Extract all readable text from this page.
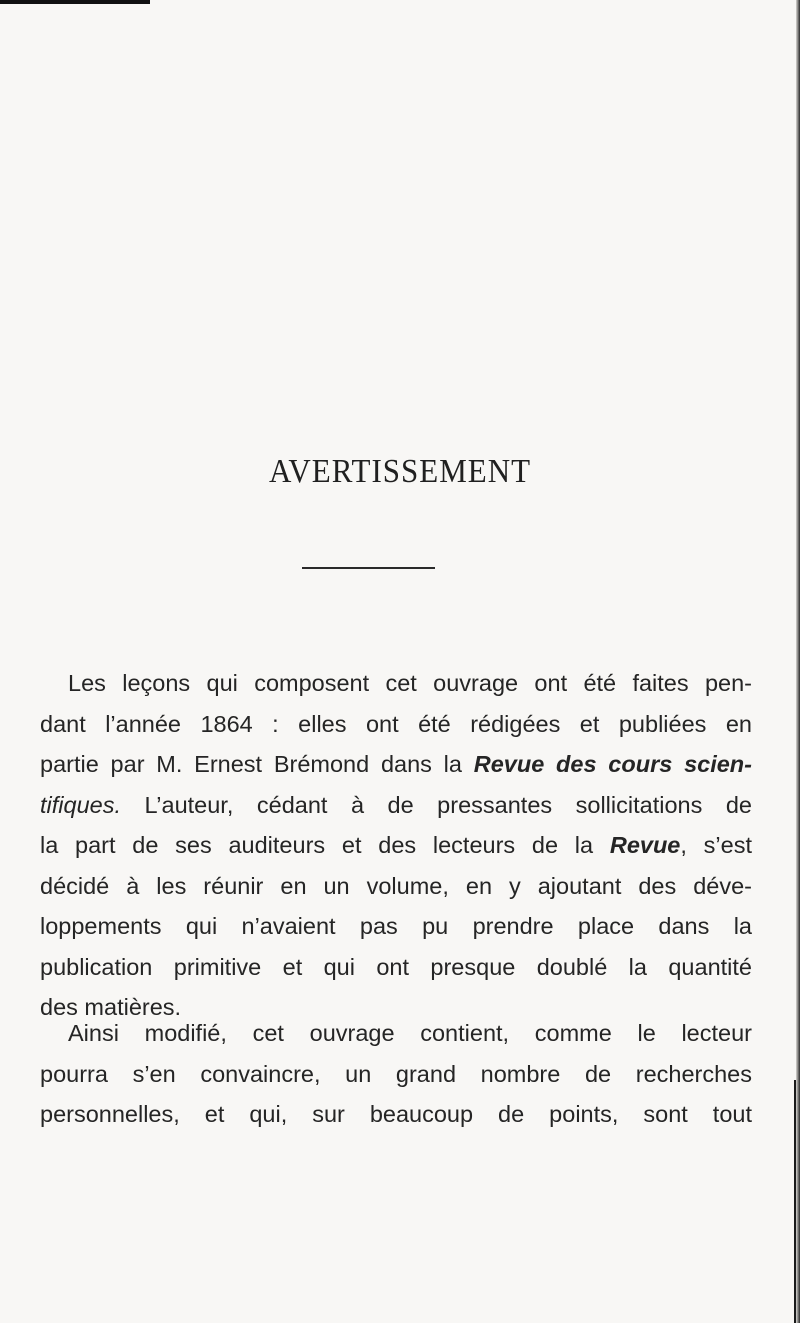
AVERTISSEMENT
Les leçons qui composent cet ouvrage ont été faites pen-
dant l’année 1864 : elles ont été rédigées et publiées en
partie par M. Ernest Brémond dans la Revue des cours scien-
tifiques. L’auteur, cédant à de pressantes sollicitations de
la part de ses auditeurs et des lecteurs de la Revue, s’est
décidé à les réunir en un volume, en y ajoutant des déve-
loppements qui n’avaient pas pu prendre place dans la
publication primitive et qui ont presque doublé la quantité
des matières.
Ainsi modifié, cet ouvrage contient, comme le lecteur
pourra s’en convaincre, un grand nombre de recherches
personnelles, et qui, sur beaucoup de points, sont tout
